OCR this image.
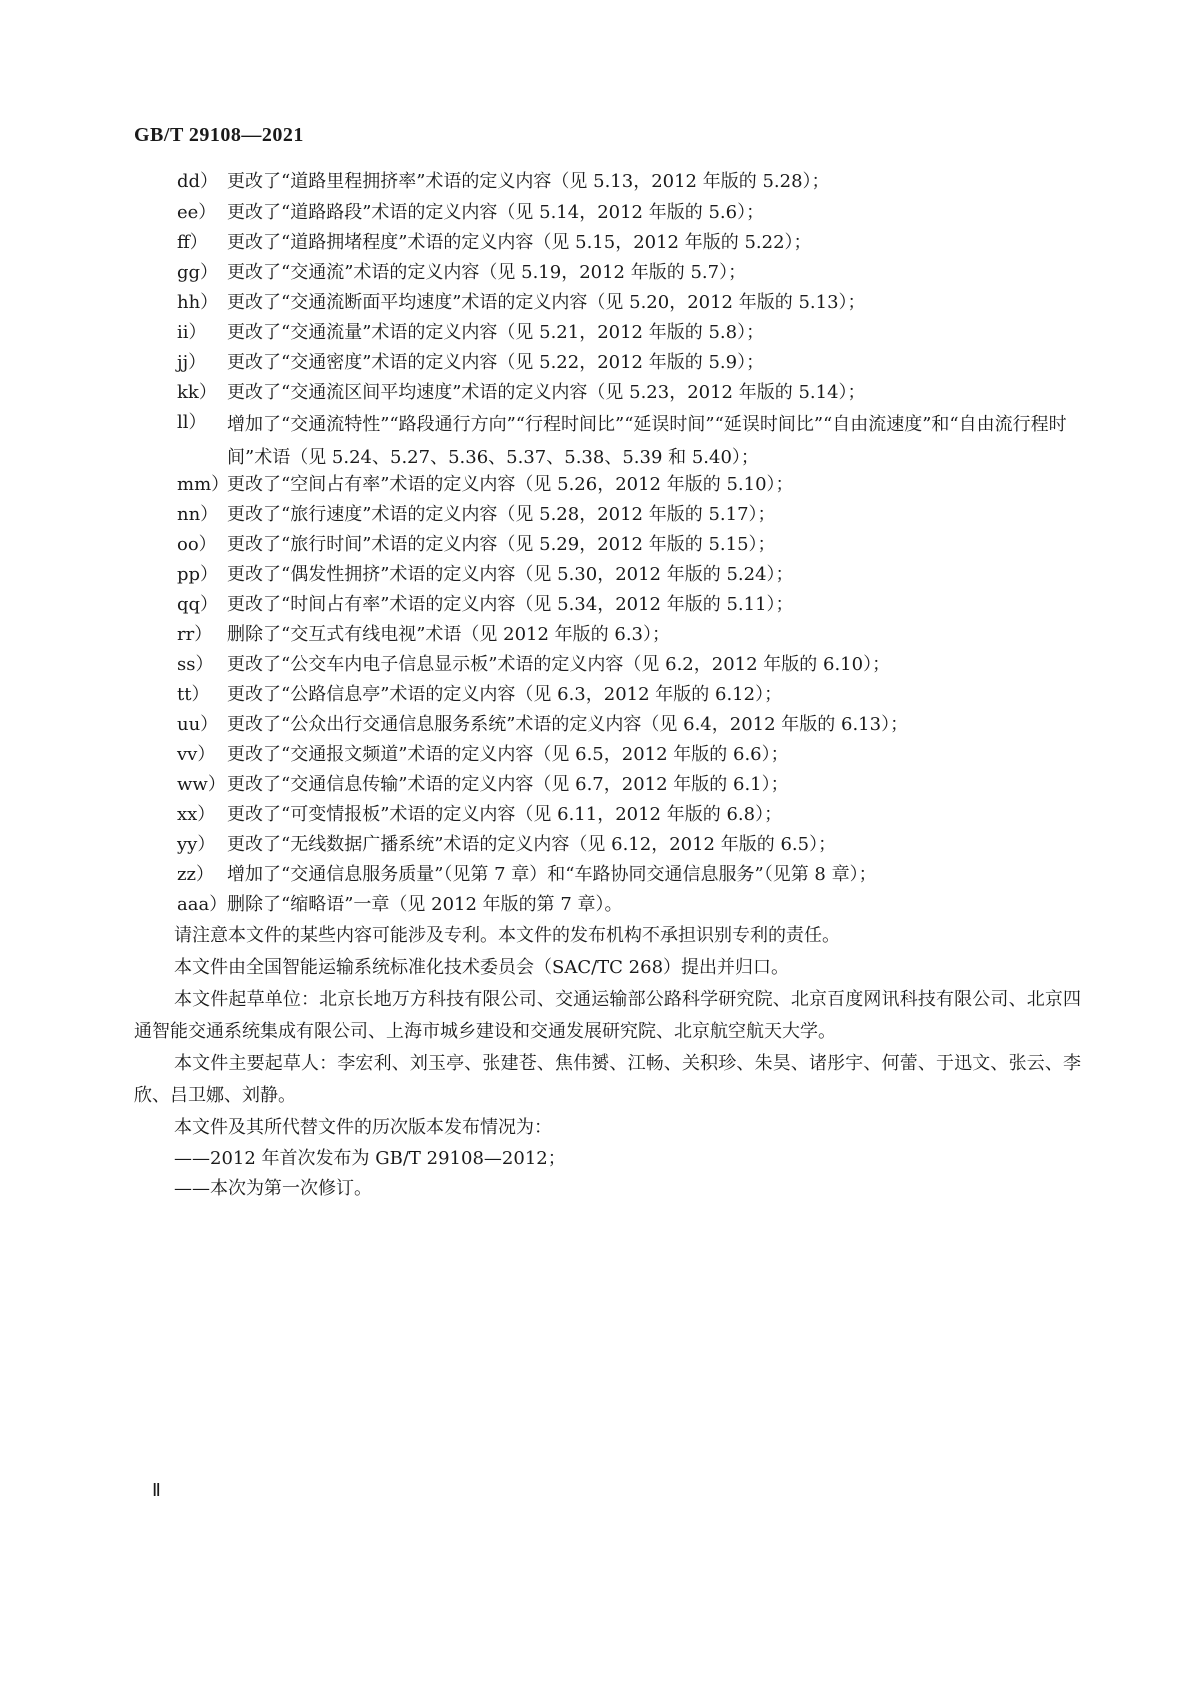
GB/T 29108—2021
dd） 更改了“道路里程拥挤率”术语的定义内容（见 5.13，2012 年版的 5.28）；
ee） 更改了“道路路段”术语的定义内容（见 5.14，2012 年版的 5.6）；
ff） 更改了“道路拥堵程度”术语的定义内容（见 5.15，2012 年版的 5.22）；
gg） 更改了“交通流”术语的定义内容（见 5.19，2012 年版的 5.7）；
hh） 更改了“交通流断面平均速度”术语的定义内容（见 5.20，2012 年版的 5.13）；
ii） 更改了“交通流量”术语的定义内容（见 5.21，2012 年版的 5.8）；
jj） 更改了“交通密度”术语的定义内容（见 5.22，2012 年版的 5.9）；
kk） 更改了“交通流区间平均速度”术语的定义内容（见 5.23，2012 年版的 5.14）；
ll） 增加了“交通流特性”“路段通行方向”“行程时间比”“延误时间”“延误时间比”“自由流速度”和“自由流行程时间”术语（见 5.24、5.27、5.36、5.37、5.38、5.39 和 5.40）；
mm）更改了“空间占有率”术语的定义内容（见 5.26，2012 年版的 5.10）；
nn） 更改了“旅行速度”术语的定义内容（见 5.28，2012 年版的 5.17）；
oo） 更改了“旅行时间”术语的定义内容（见 5.29，2012 年版的 5.15）；
pp） 更改了“偶发性拥挤”术语的定义内容（见 5.30，2012 年版的 5.24）；
qq） 更改了“时间占有率”术语的定义内容（见 5.34，2012 年版的 5.11）；
rr） 删除了“交互式有线电视”术语（见 2012 年版的 6.3）；
ss） 更改了“公交车内电子信息显示板”术语的定义内容（见 6.2，2012 年版的 6.10）；
tt） 更改了“公路信息亭”术语的定义内容（见 6.3，2012 年版的 6.12）；
uu） 更改了“公众出行交通信息服务系统”术语的定义内容（见 6.4，2012 年版的 6.13）；
vv） 更改了“交通报文频道”术语的定义内容（见 6.5，2012 年版的 6.6）；
ww）更改了“交通信息传输”术语的定义内容（见 6.7，2012 年版的 6.1）；
xx） 更改了“可变情报板”术语的定义内容（见 6.11，2012 年版的 6.8）；
yy） 更改了“无线数据广播系统”术语的定义内容（见 6.12，2012 年版的 6.5）；
zz） 增加了“交通信息服务质量”（见第 7 章）和“车路协同交通信息服务”（见第 8 章）；
aaa）删除了“缩略语”一章（见 2012 年版的第 7 章）。
请注意本文件的某些内容可能涉及专利。本文件的发布机构不承担识别专利的责任。
本文件由全国智能运输系统标准化技术委员会（SAC/TC 268）提出并归口。
本文件起草单位：北京长地万方科技有限公司、交通运输部公路科学研究院、北京百度网讯科技有限公司、北京四通智能交通系统集成有限公司、上海市城乡建设和交通发展研究院、北京航空航天大学。
本文件主要起草人：李宏利、刘玉亭、张建苍、焦伟赟、江畅、关积珍、朱昊、诸彤宇、何蕾、于迅文、张云、李欣、吕卫娜、刘静。
本文件及其所代替文件的历次版本发布情况为：
——2012 年首次发布为 GB/T 29108—2012；
——本次为第一次修订。
Ⅱ
